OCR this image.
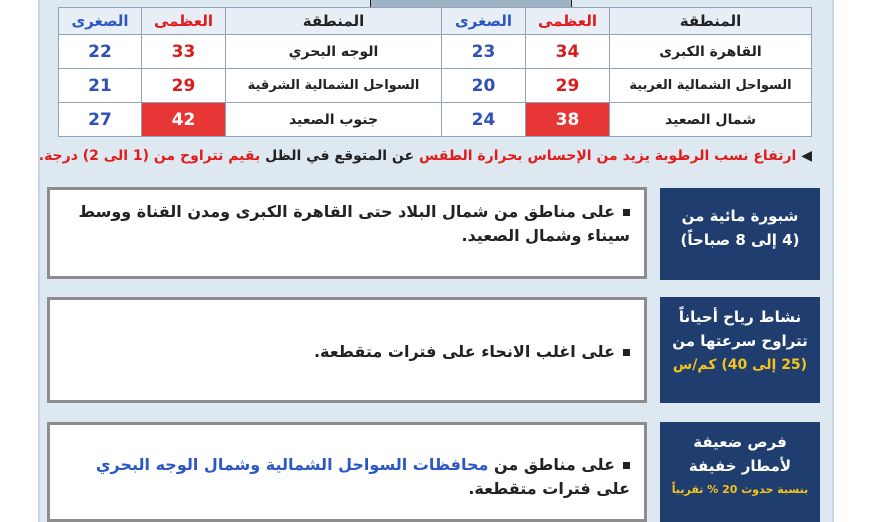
المنطقة	العظمى	الصغرى	المنطقة	العظمى	الصغرى
القاهرة الكبرى	34	23	الوجه البحري	33	22
السواحل الشمالية الغربية	29	20	السواحل الشمالية الشرقية	29	21
شمال الصعيد	38	24	جنوب الصعيد	42	27
◀ ارتفاع نسب الرطوبة يزيد من الإحساس بحرارة الطقس عن المتوقع في الظل بقيم تتراوح من (1 الى 2) درجة.
على مناطق من شمال البلاد حتى القاهرة الكبرى ومدن القناة ووسط سيناء وشمال الصعيد.
شبورة مائية من
(4 إلى 8 صباحاً)
على اغلب الانحاء على فترات متقطعة.
نشاط رياح أحياناً
تتراوح سرعتها من
(25 إلى 40) كم/س
على مناطق من محافظات السواحل الشمالية وشمال الوجه البحري على فترات متقطعة.
فرص ضعيفة
لأمطار خفيفة
بنسبة حدوث 20 % تقريباً
